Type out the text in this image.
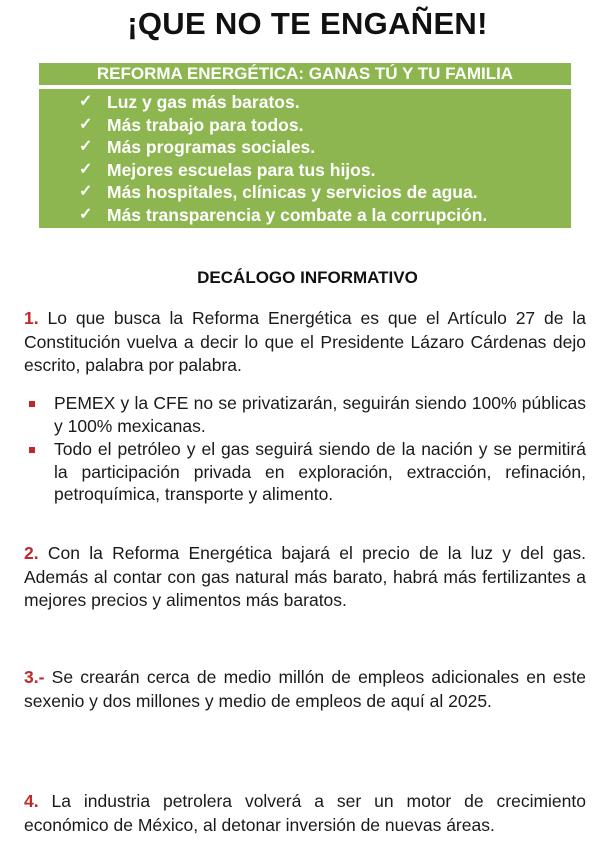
¡QUE NO TE ENGAÑEN!
REFORMA ENERGÉTICA: GANAS TÚ Y TU FAMILIA
✓ Luz y gas más baratos.
✓ Más trabajo para todos.
✓ Más programas sociales.
✓ Mejores escuelas para tus hijos.
✓ Más hospitales, clínicas y servicios de agua.
✓ Más transparencia y combate a la corrupción.
DECÁLOGO INFORMATIVO
1. Lo que busca la Reforma Energética es que el Artículo 27 de la Constitución vuelva a decir lo que el Presidente Lázaro Cárdenas dejo escrito, palabra por palabra.
PEMEX y la CFE no se privatizarán, seguirán siendo 100% públicas y 100% mexicanas.
Todo el petróleo y el gas seguirá siendo de la nación y se permitirá la participación privada en exploración, extracción, refinación, petroquímica, transporte y alimento.
2. Con la Reforma Energética bajará el precio de la luz y del gas. Además al contar con gas natural más barato, habrá más fertilizantes a mejores precios y alimentos más baratos.
3.- Se crearán cerca de medio millón de empleos adicionales en este sexenio y dos millones y medio de empleos de aquí al 2025.
4. La industria petrolera volverá a ser un motor de crecimiento económico de México, al detonar inversión de nuevas áreas.
